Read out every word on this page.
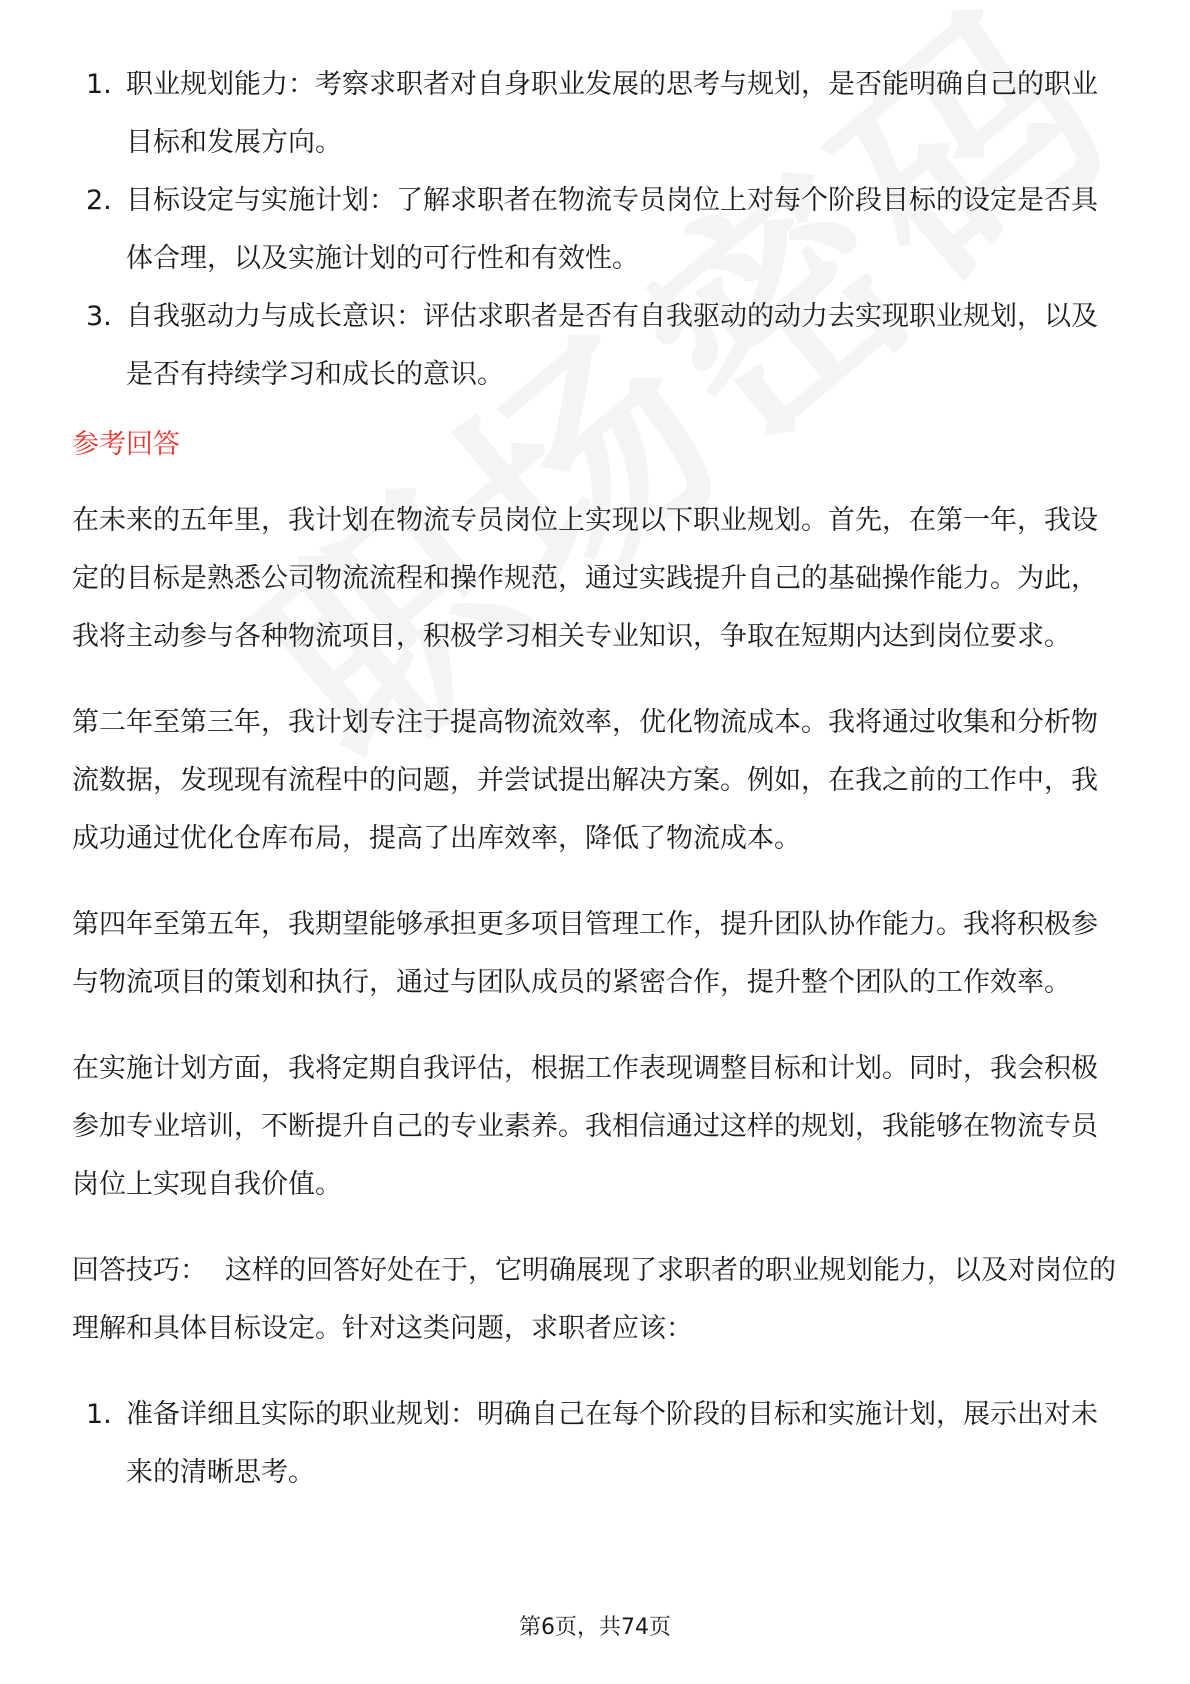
1. 职业规划能力：考察求职者对自身职业发展的思考与规划，是否能明确自己的职业目标和发展方向。
2. 目标设定与实施计划：了解求职者在物流专员岗位上对每个阶段目标的设定是否具体合理，以及实施计划的可行性和有效性。
3. 自我驱动力与成长意识：评估求职者是否有自我驱动的动力去实现职业规划，以及是否有持续学习和成长的意识。
参考回答

在未来的五年里，我计划在物流专员岗位上实现以下职业规划。首先，在第一年，我设定的目标是熟悉公司物流流程和操作规范，通过实践提升自己的基础操作能力。为此，我将主动参与各种物流项目，积极学习相关专业知识，争取在短期内达到岗位要求。

第二年至第三年，我计划专注于提高物流效率，优化物流成本。我将通过收集和分析物流数据，发现现有流程中的问题，并尝试提出解决方案。例如，在我之前的工作中，我成功通过优化仓库布局，提高了出库效率，降低了物流成本。

第四年至第五年，我期望能够承担更多项目管理工作，提升团队协作能力。我将积极参与物流项目的策划和执行，通过与团队成员的紧密合作，提升整个团队的工作效率。

在实施计划方面，我将定期自我评估，根据工作表现调整目标和计划。同时，我会积极参加专业培训，不断提升自己的专业素养。我相信通过这样的规划，我能够在物流专员岗位上实现自我价值。

回答技巧： 这样的回答好处在于，它明确展现了求职者的职业规划能力，以及对岗位的理解和具体目标设定。针对这类问题，求职者应该：

1. 准备详细且实际的职业规划：明确自己在每个阶段的目标和实施计划，展示出对未来的清晰思考。
第6页，共74页
